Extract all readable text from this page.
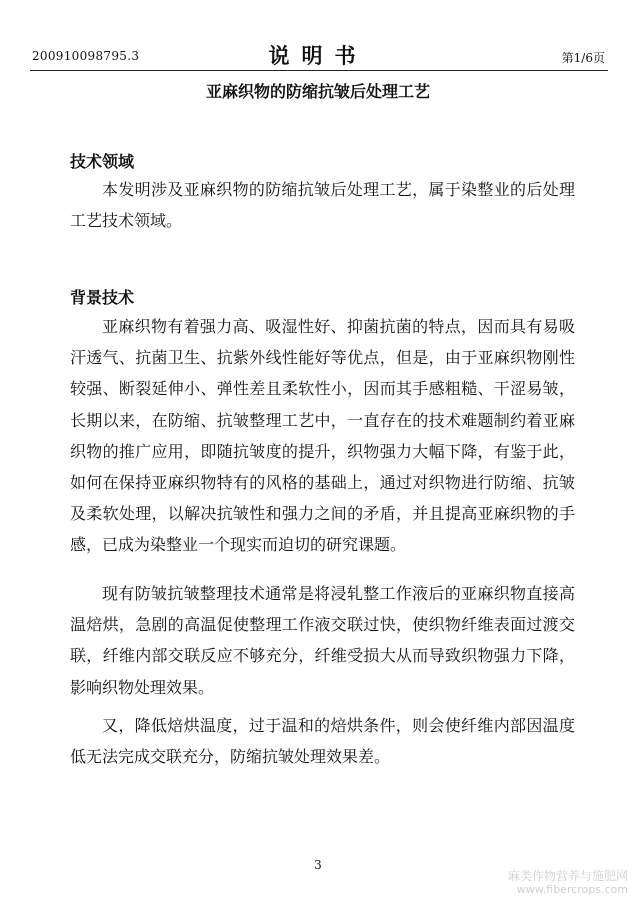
200910098795.3	说明书	第1/6页
亚麻织物的防缩抗皱后处理工艺
技术领域

本发明涉及亚麻织物的防缩抗皱后处理工艺，属于染整业的后处理工艺技术领域。

背景技术

亚麻织物有着强力高、吸湿性好、抑菌抗菌的特点，因而具有易吸汗透气、抗菌卫生、抗紫外线性能好等优点，但是，由于亚麻织物刚性较强、断裂延伸小、弹性差且柔软性小，因而其手感粗糙、干涩易皱，长期以来，在防缩、抗皱整理工艺中，一直存在的技术难题制约着亚麻织物的推广应用，即随抗皱度的提升，织物强力大幅下降，有鉴于此，如何在保持亚麻织物特有的风格的基础上，通过对织物进行防缩、抗皱及柔软处理，以解决抗皱性和强力之间的矛盾，并且提高亚麻织物的手感，已成为染整业一个现实而迫切的研究课题。

现有防皱抗皱整理技术通常是将浸轧整工作液后的亚麻织物直接高温焙烘，急剧的高温促使整理工作液交联过快，使织物纤维表面过渡交联，纤维内部交联反应不够充分，纤维受损大从而导致织物强力下降，影响织物处理效果。

又，降低焙烘温度，过于温和的焙烘条件，则会使纤维内部因温度低无法完成交联充分，防缩抗皱处理效果差。

3
麻类作物营养与施肥网
www.fibercrops.com
